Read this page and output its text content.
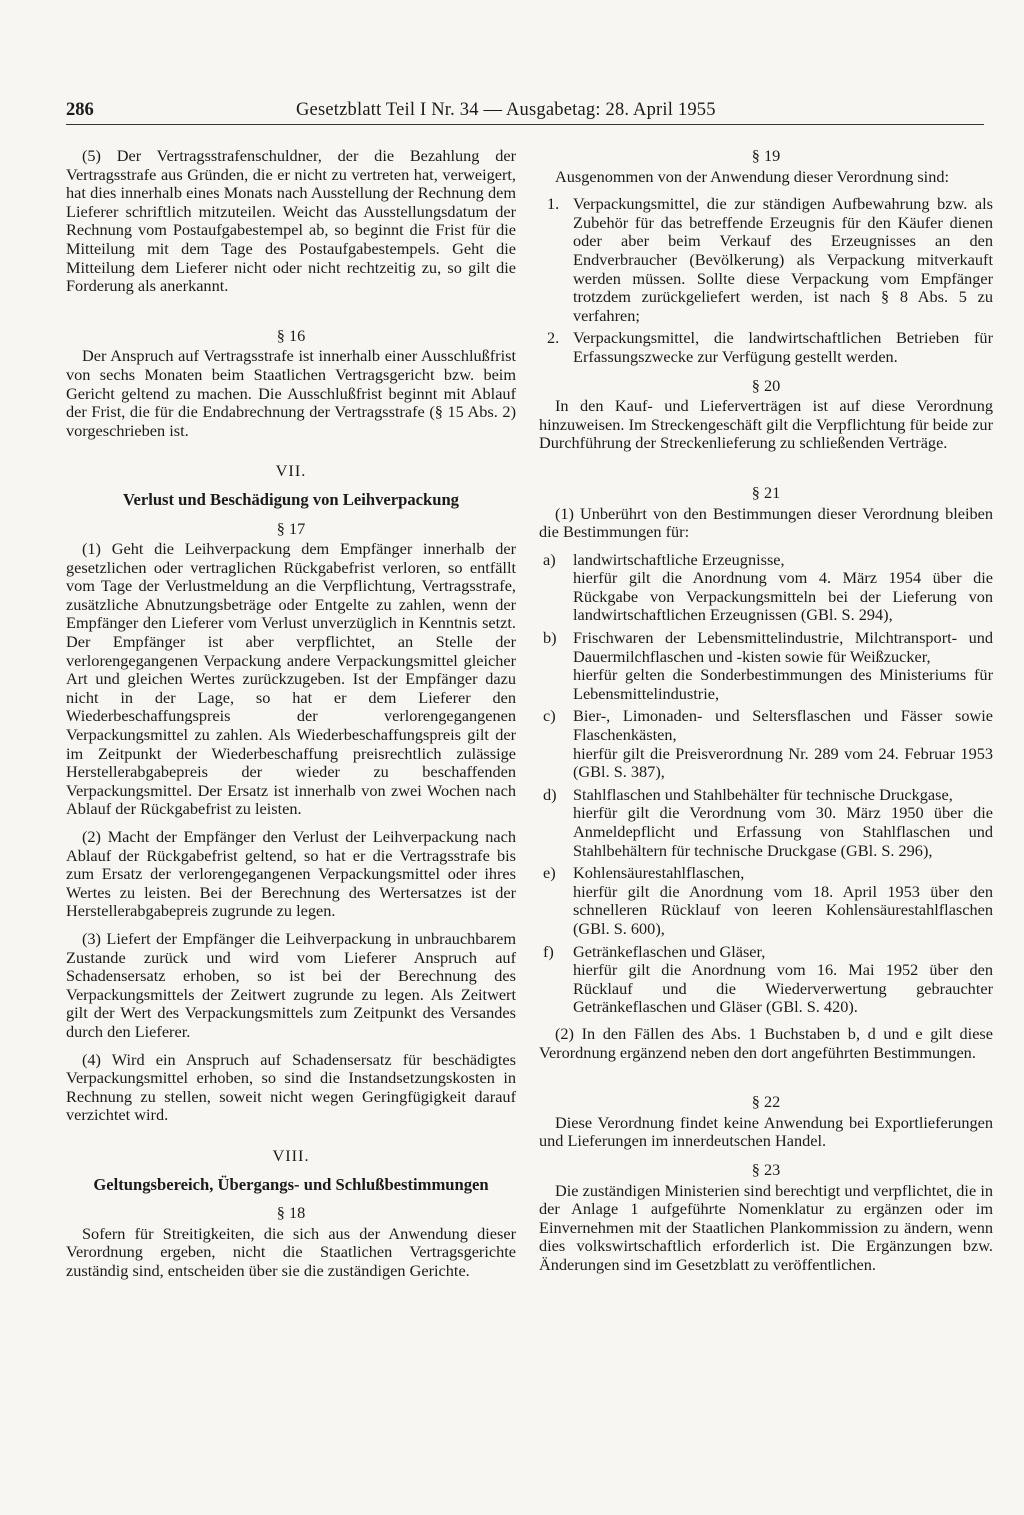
286	Gesetzblatt Teil I Nr. 34 — Ausgabetag: 28. April 1955

(5) Der Vertragsstrafenschuldner, der die Bezahlung der Vertragsstrafe aus Gründen, die er nicht zu vertreten hat, verweigert, hat dies innerhalb eines Monats nach Ausstellung der Rechnung dem Lieferer schriftlich mitzuteilen. Weicht das Ausstellungsdatum der Rechnung vom Postaufgabestempel ab, so beginnt die Frist für die Mitteilung mit dem Tage des Postaufgabestempels. Geht die Mitteilung dem Lieferer nicht oder nicht rechtzeitig zu, so gilt die Forderung als anerkannt.

§ 16

Der Anspruch auf Vertragsstrafe ist innerhalb einer Ausschlußfrist von sechs Monaten beim Staatlichen Vertragsgericht bzw. beim Gericht geltend zu machen. Die Ausschlußfrist beginnt mit Ablauf der Frist, die für die Endabrechnung der Vertragsstrafe (§ 15 Abs. 2) vorgeschrieben ist.

VII.

Verlust und Beschädigung von Leihverpackung

§ 17

(1) Geht die Leihverpackung dem Empfänger innerhalb der gesetzlichen oder vertraglichen Rückgabefrist verloren, so entfällt vom Tage der Verlustmeldung an die Verpflichtung, Vertragsstrafe, zusätzliche Abnutzungsbeträge oder Entgelte zu zahlen, wenn der Empfänger den Lieferer vom Verlust unverzüglich in Kenntnis setzt. Der Empfänger ist aber verpflichtet, an Stelle der verlorengegangenen Verpackung andere Verpackungsmittel gleicher Art und gleichen Wertes zurückzugeben. Ist der Empfänger dazu nicht in der Lage, so hat er dem Lieferer den Wiederbeschaffungspreis der verlorengegangenen Verpackungsmittel zu zahlen. Als Wiederbeschaffungspreis gilt der im Zeitpunkt der Wiederbeschaffung preisrechtlich zulässige Herstellerabgabepreis der wieder zu beschaffenden Verpackungsmittel. Der Ersatz ist innerhalb von zwei Wochen nach Ablauf der Rückgabefrist zu leisten.

(2) Macht der Empfänger den Verlust der Leihverpackung nach Ablauf der Rückgabefrist geltend, so hat er die Vertragsstrafe bis zum Ersatz der verlorengegangenen Verpackungsmittel oder ihres Wertes zu leisten. Bei der Berechnung des Wertersatzes ist der Herstellerabgabepreis zugrunde zu legen.

(3) Liefert der Empfänger die Leihverpackung in unbrauchbarem Zustande zurück und wird vom Lieferer Anspruch auf Schadensersatz erhoben, so ist bei der Berechnung des Verpackungsmittels der Zeitwert zugrunde zu legen. Als Zeitwert gilt der Wert des Verpackungsmittels zum Zeitpunkt des Versandes durch den Lieferer.

(4) Wird ein Anspruch auf Schadensersatz für beschädigtes Verpackungsmittel erhoben, so sind die Instandsetzungskosten in Rechnung zu stellen, soweit nicht wegen Geringfügigkeit darauf verzichtet wird.

VIII.

Geltungsbereich, Übergangs- und Schlußbestimmungen

§ 18

Sofern für Streitigkeiten, die sich aus der Anwendung dieser Verordnung ergeben, nicht die Staatlichen Vertragsgerichte zuständig sind, entscheiden über sie die zuständigen Gerichte.

§ 19

Ausgenommen von der Anwendung dieser Verordnung sind:

1. Verpackungsmittel, die zur ständigen Aufbewahrung bzw. als Zubehör für das betreffende Erzeugnis für den Käufer dienen oder aber beim Verkauf des Erzeugnisses an den Endverbraucher (Bevölkerung) als Verpackung mitverkauft werden müssen. Sollte diese Verpackung vom Empfänger trotzdem zurückgeliefert werden, ist nach § 8 Abs. 5 zu verfahren;
2. Verpackungsmittel, die landwirtschaftlichen Betrieben für Erfassungszwecke zur Verfügung gestellt werden.

§ 20

In den Kauf- und Lieferverträgen ist auf diese Verordnung hinzuweisen. Im Streckengeschäft gilt die Verpflichtung für beide zur Durchführung der Streckenlieferung zu schließenden Verträge.

§ 21

(1) Unberührt von den Bestimmungen dieser Verordnung bleiben die Bestimmungen für:

a) landwirtschaftliche Erzeugnisse,
hierfür gilt die Anordnung vom 4. März 1954 über die Rückgabe von Verpackungsmitteln bei der Lieferung von landwirtschaftlichen Erzeugnissen (GBl. S. 294),
b) Frischwaren der Lebensmittelindustrie, Milchtransport- und Dauermilchflaschen und -kisten sowie für Weißzucker,
hierfür gelten die Sonderbestimmungen des Ministeriums für Lebensmittelindustrie,
c) Bier-, Limonaden- und Seltersflaschen und Fässer sowie Flaschenkästen,
hierfür gilt die Preisverordnung Nr. 289 vom 24. Februar 1953 (GBl. S. 387),
d) Stahlflaschen und Stahlbehälter für technische Druckgase,
hierfür gilt die Verordnung vom 30. März 1950 über die Anmeldepflicht und Erfassung von Stahlflaschen und Stahlbehältern für technische Druckgase (GBl. S. 296),
e) Kohlensäurestahlflaschen,
hierfür gilt die Anordnung vom 18. April 1953 über den schnelleren Rücklauf von leeren Kohlensäurestahlflaschen (GBl. S. 600),
f) Getränkeflaschen und Gläser,
hierfür gilt die Anordnung vom 16. Mai 1952 über den Rücklauf und die Wiederverwertung gebrauchter Getränkeflaschen und Gläser (GBl. S. 420).

(2) In den Fällen des Abs. 1 Buchstaben b, d und e gilt diese Verordnung ergänzend neben den dort angeführten Bestimmungen.

§ 22

Diese Verordnung findet keine Anwendung bei Exportlieferungen und Lieferungen im innerdeutschen Handel.

§ 23

Die zuständigen Ministerien sind berechtigt und verpflichtet, die in der Anlage 1 aufgeführte Nomenklatur zu ergänzen oder im Einvernehmen mit der Staatlichen Plankommission zu ändern, wenn dies volkswirtschaftlich erforderlich ist. Die Ergänzungen bzw. Änderungen sind im Gesetzblatt zu veröffentlichen.
